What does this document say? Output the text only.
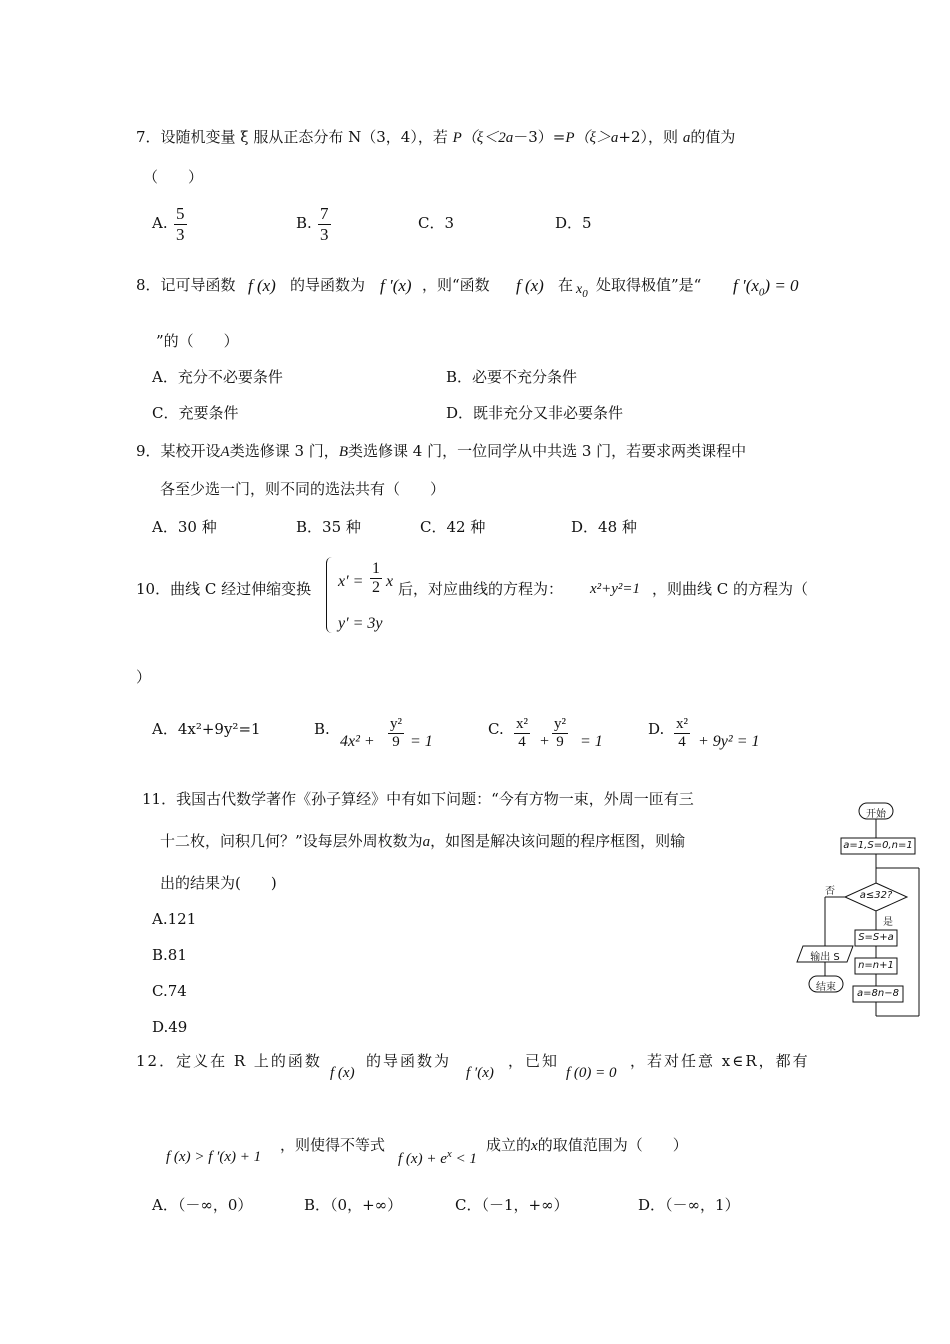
7．设随机变量 ξ 服从正态分布 N（3，4），若 P（ξ＜2a－3）=P（ξ＞a+2），则 a的值为
（　　）
A. $\frac{5}{3}$	B. $\frac{7}{3}$	C．3	D．5
8．记可导函数 f (x) 的导函数为 f ′(x) ，则“函数 f (x) 在 $x_0$ 处取得极值”是“ f $'(x_0) = 0$
”的（　　）
A．充分不必要条件	B．必要不充分条件
C．充要条件	D．既非充分又非必要条件
9．某校开设A类选修课 3 门，B类选修课 4 门，一位同学从中共选 3 门，若要求两类课程中
各至少选一门，则不同的选法共有（　　）
A．30 种	B．35 种	C．42 种	D．48 种
10．曲线 C 经过伸缩变换 $x' = \frac{1}{2}$ x
y′ = 3y
后，对应曲线的方程为： x²+y²=1 ，则曲线 C 的方程为（
）
A．4x²+9y²=1	B.
$4x^2 + \frac{\text{y²}}{9} = 1$
C. $\frac{\text{x²}}{4} + \frac{\text{y²}}{9} = 1$
D. $\frac{\text{x²}}{4} + 9y^2 = 1$
11．我国古代数学著作《孙子算经》中有如下问题：“今有方物一束，外周一匝有三
十二枚，问积几何？”设每层外周枚数为a，如图是解决该问题的程序框图，则输
出的结果为(　　)
A.121
B.81
C.74
D.49
开始
a=1,S=0,n=1
a≤32?
否
是
S=S+a
n=n+1
a=8n−8
输出 S
结束
12．定义在 R 上的函数
f (x)
的导函数为
f ′(x)
，已知
f (0) = 0
，若对任意 x∈R，都有
f (x) > f ′(x) + 1
，则使得不等式
f $(x) + e^x < 1$
成立的x的取值范围为（　　）
A．（－∞，0）	B．（0，+∞）	C．（－1，+∞）	D．（－∞，1）
